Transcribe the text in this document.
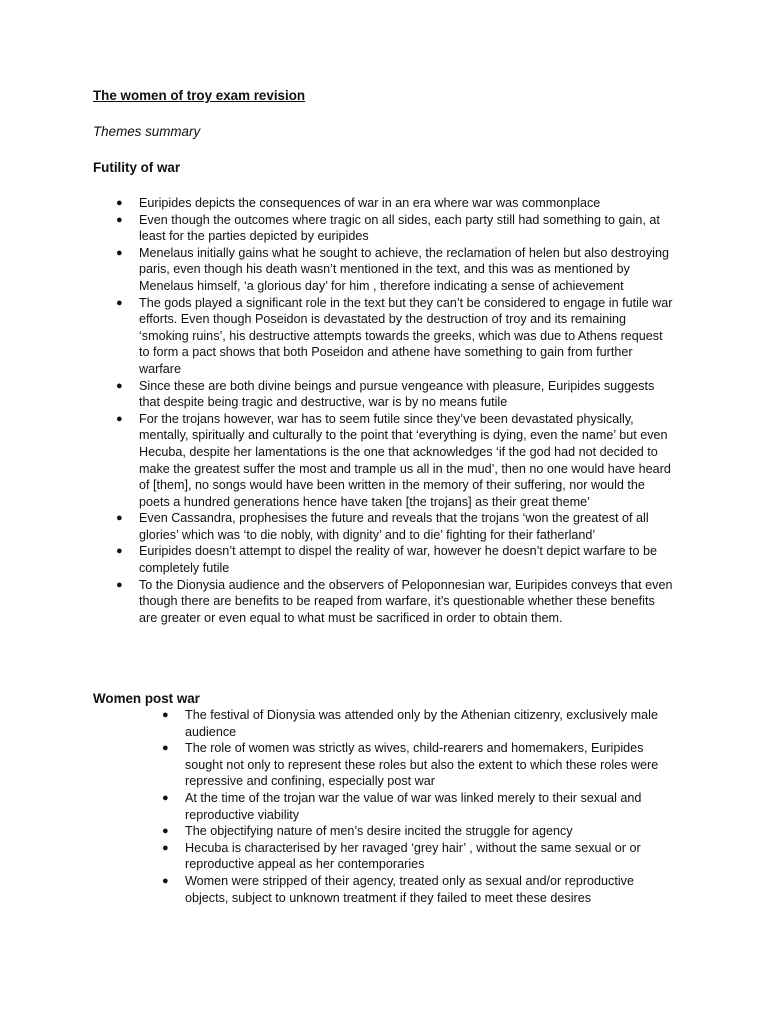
The women of troy exam revision
Themes summary
Futility of war
● Euripides depicts the consequences of war in an era where war was commonplace
● Even though the outcomes where tragic on all sides, each party still had something to gain, at least for the parties depicted by euripides
● Menelaus initially gains what he sought to achieve, the reclamation of helen but also destroying paris, even though his death wasn’t mentioned in the text, and this was as mentioned by Menelaus himself, ‘a glorious day’ for him , therefore indicating a sense of achievement
● The gods played a significant role in the text but they can’t be considered to engage in futile war efforts. Even though Poseidon is devastated by the destruction of troy and its remaining ‘smoking ruins’, his destructive attempts towards the greeks, which was due to Athens request to form a pact shows that both Poseidon and athene have something to gain from further warfare
● Since these are both divine beings and pursue vengeance with pleasure, Euripides suggests that despite being tragic and destructive, war is by no means futile
● For the trojans however, war has to seem futile since they’ve been devastated physically, mentally, spiritually and culturally to the point that ‘everything is dying, even the name’ but even Hecuba, despite her lamentations is the one that acknowledges ‘if the god had not decided to make the greatest suffer the most and trample us all in the mud’, then no one would have heard of [them], no songs would have been written in the memory of their suffering, nor would the poets a hundred generations hence have taken [the trojans] as their great theme’
● Even Cassandra, prophesises the future and reveals that the trojans ‘won the greatest of all glories’ which was ‘to die nobly, with dignity’ and to die’ fighting for their fatherland’
● Euripides doesn’t attempt to dispel the reality of war, however he doesn’t depict warfare to be completely futile
● To the Dionysia audience and the observers of Peloponnesian war, Euripides conveys that even though there are benefits to be reaped from warfare, it’s questionable whether these benefits are greater or even equal to what must be sacrificed in order to obtain them.
Women post war
● The festival of Dionysia was attended only by the Athenian citizenry, exclusively male audience
● The role of women was strictly as wives, child-rearers and homemakers, Euripides sought not only to represent these roles but also the extent to which these roles were repressive and confining, especially post war
● At the time of the trojan war the value of war was linked merely to their sexual and reproductive viability
● The objectifying nature of men’s desire incited the struggle for agency
● Hecuba is characterised by her ravaged ‘grey hair’ , without the same sexual or or reproductive appeal as her contemporaries
● Women were stripped of their agency, treated only as sexual and/or reproductive objects, subject to unknown treatment if they failed to meet these desires
